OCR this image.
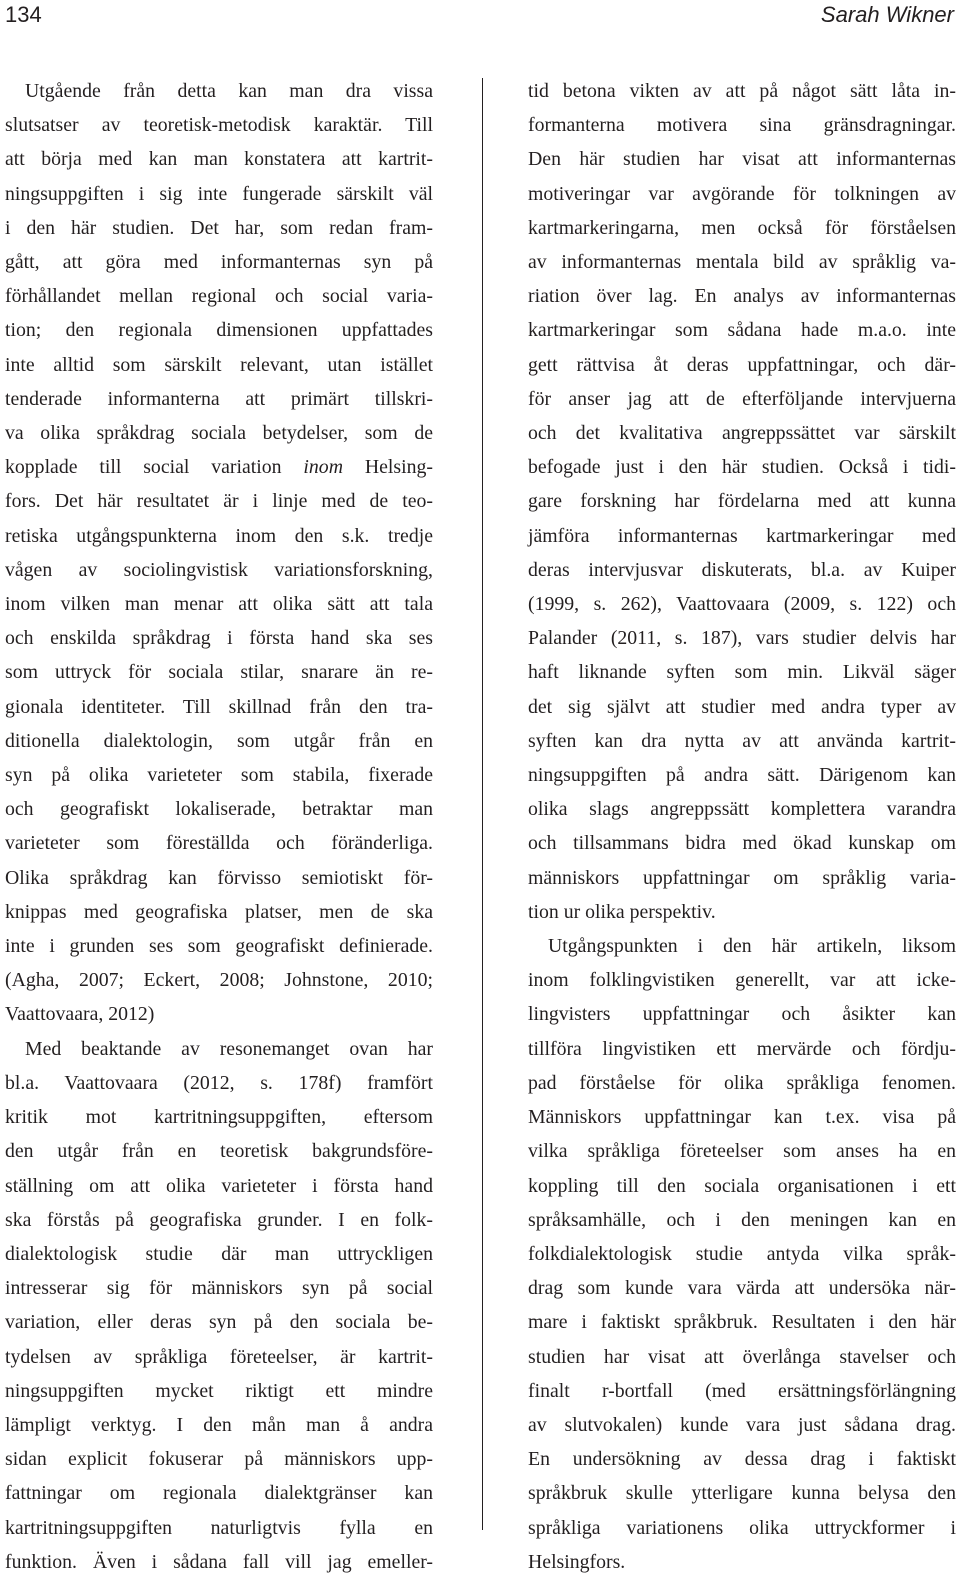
134	Sarah Wikner
Utgående från detta kan man dra vissa
slutsatser av teoretisk-metodisk karaktär. Till
att börja med kan man konstatera att kartrit-
ningsuppgiften i sig inte fungerade särskilt väl
i den här studien. Det har, som redan fram-
gått, att göra med informanternas syn på
förhållandet mellan regional och social varia-
tion; den regionala dimensionen uppfattades
inte alltid som särskilt relevant, utan istället
tenderade informanterna att primärt tillskri-
va olika språkdrag sociala betydelser, som de
kopplade till social variation inom Helsing-
fors. Det här resultatet är i linje med de teo-
retiska utgångspunkterna inom den s.k. tredje
vågen av sociolingvistisk variationsforskning,
inom vilken man menar att olika sätt att tala
och enskilda språkdrag i första hand ska ses
som uttryck för sociala stilar, snarare än re-
gionala identiteter. Till skillnad från den tra-
ditionella dialektologin, som utgår från en
syn på olika varieteter som stabila, fixerade
och geografiskt lokaliserade, betraktar man
varieteter som föreställda och föränderliga.
Olika språkdrag kan förvisso semiotiskt för-
knippas med geografiska platser, men de ska
inte i grunden ses som geografiskt definierade.
(Agha, 2007; Eckert, 2008; Johnstone, 2010;
Vaattovaara, 2012)
Med beaktande av resonemanget ovan har
bl.a. Vaattovaara (2012, s. 178f) framfört
kritik mot kartritningsuppgiften, eftersom
den utgår från en teoretisk bakgrundsföre-
ställning om att olika varieteter i första hand
ska förstås på geografiska grunder. I en folk-
dialektologisk studie där man uttryckligen
intresserar sig för människors syn på social
variation, eller deras syn på den sociala be-
tydelsen av språkliga företeelser, är kartrit-
ningsuppgiften mycket riktigt ett mindre
lämpligt verktyg. I den mån man å andra
sidan explicit fokuserar på människors upp-
fattningar om regionala dialektgränser kan
kartritningsuppgiften naturligtvis fylla en
funktion. Även i sådana fall vill jag emeller-
tid betona vikten av att på något sätt låta in-
formanterna motivera sina gränsdragningar.
Den här studien har visat att informanternas
motiveringar var avgörande för tolkningen av
kartmarkeringarna, men också för förståelsen
av informanternas mentala bild av språklig va-
riation över lag. En analys av informanternas
kartmarkeringar som sådana hade m.a.o. inte
gett rättvisa åt deras uppfattningar, och där-
för anser jag att de efterföljande intervjuerna
och det kvalitativa angreppssättet var särskilt
befogade just i den här studien. Också i tidi-
gare forskning har fördelarna med att kunna
jämföra informanternas kartmarkeringar med
deras intervjusvar diskuterats, bl.a. av Kuiper
(1999, s. 262), Vaattovaara (2009, s. 122) och
Palander (2011, s. 187), vars studier delvis har
haft liknande syften som min. Likväl säger
det sig självt att studier med andra typer av
syften kan dra nytta av att använda kartrit-
ningsuppgiften på andra sätt. Därigenom kan
olika slags angreppssätt komplettera varandra
och tillsammans bidra med ökad kunskap om
människors uppfattningar om språklig varia-
tion ur olika perspektiv.
Utgångspunkten i den här artikeln, liksom
inom folklingvistiken generellt, var att icke-
lingvisters uppfattningar och åsikter kan
tillföra lingvistiken ett mervärde och fördju-
pad förståelse för olika språkliga fenomen.
Människors uppfattningar kan t.ex. visa på
vilka språkliga företeelser som anses ha en
koppling till den sociala organisationen i ett
språksamhälle, och i den meningen kan en
folkdialektologisk studie antyda vilka språk-
drag som kunde vara värda att undersöka när-
mare i faktiskt språkbruk. Resultaten i den här
studien har visat att överlånga stavelser och
finalt r-bortfall (med ersättningsförlängning
av slutvokalen) kunde vara just sådana drag.
En undersökning av dessa drag i faktiskt
språkbruk skulle ytterligare kunna belysa den
språkliga variationens olika uttryckformer i
Helsingfors.
